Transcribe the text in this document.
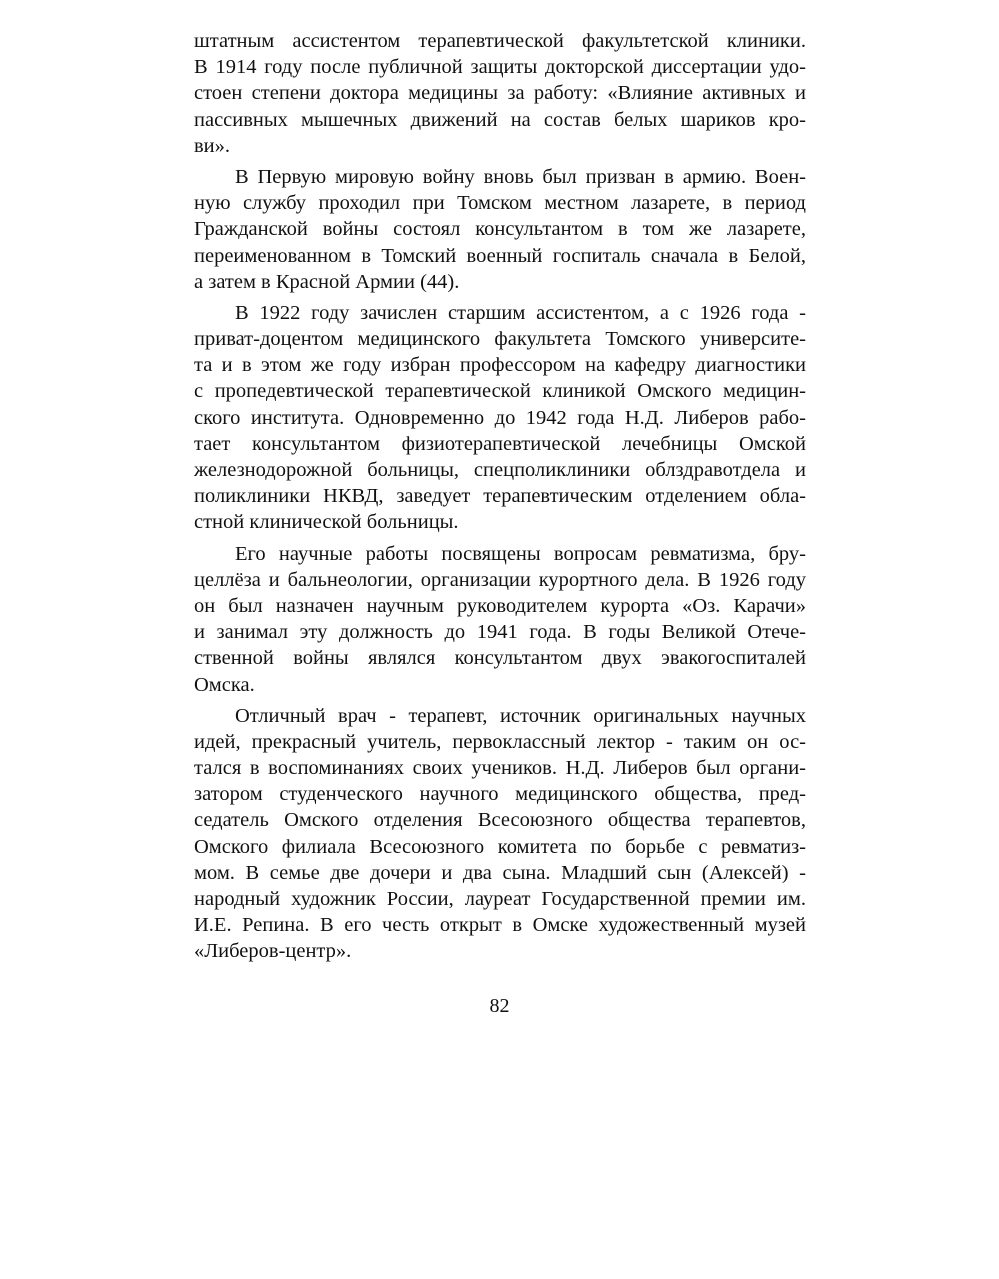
штатным ассистентом терапевтической факультетской клиники.
В 1914 году после публичной защиты докторской диссертации удо-
стоен степени доктора медицины за работу: «Влияние активных и
пассивных мышечных движений на состав белых шариков кро-
ви».
В Первую мировую войну вновь был призван в армию. Воен-
ную службу проходил при Томском местном лазарете, в период
Гражданской войны состоял консультантом в том же лазарете,
переименованном в Томский военный госпиталь сначала в Белой,
а затем в Красной Армии (44).
В 1922 году зачислен старшим ассистентом, а с 1926 года -
приват-доцентом медицинского факультета Томского университе-
та и в этом же году избран профессором на кафедру диагностики
с пропедевтической терапевтической клиникой Омского медицин-
ского института. Одновременно до 1942 года Н.Д. Либеров рабо-
тает консультантом физиотерапевтической лечебницы Омской
железнодорожной больницы, спецполиклиники облздравотдела и
поликлиники НКВД, заведует терапевтическим отделением обла-
стной клинической больницы.
Его научные работы посвящены вопросам ревматизма, бру-
целлёза и бальнеологии, организации курортного дела. В 1926 году
он был назначен научным руководителем курорта «Оз. Карачи»
и занимал эту должность до 1941 года. В годы Великой Отече-
ственной войны являлся консультантом двух эвакогоспиталей
Омска.
Отличный врач - терапевт, источник оригинальных научных
идей, прекрасный учитель, первоклассный лектор - таким он ос-
тался в воспоминаниях своих учеников. Н.Д. Либеров был органи-
затором студенческого научного медицинского общества, пред-
седатель Омского отделения Всесоюзного общества терапевтов,
Омского филиала Всесоюзного комитета по борьбе с ревматиз-
мом. В семье две дочери и два сына. Младший сын (Алексей) -
народный художник России, лауреат Государственной премии им.
И.Е. Репина. В его честь открыт в Омске художественный музей
«Либеров-центр».
82
